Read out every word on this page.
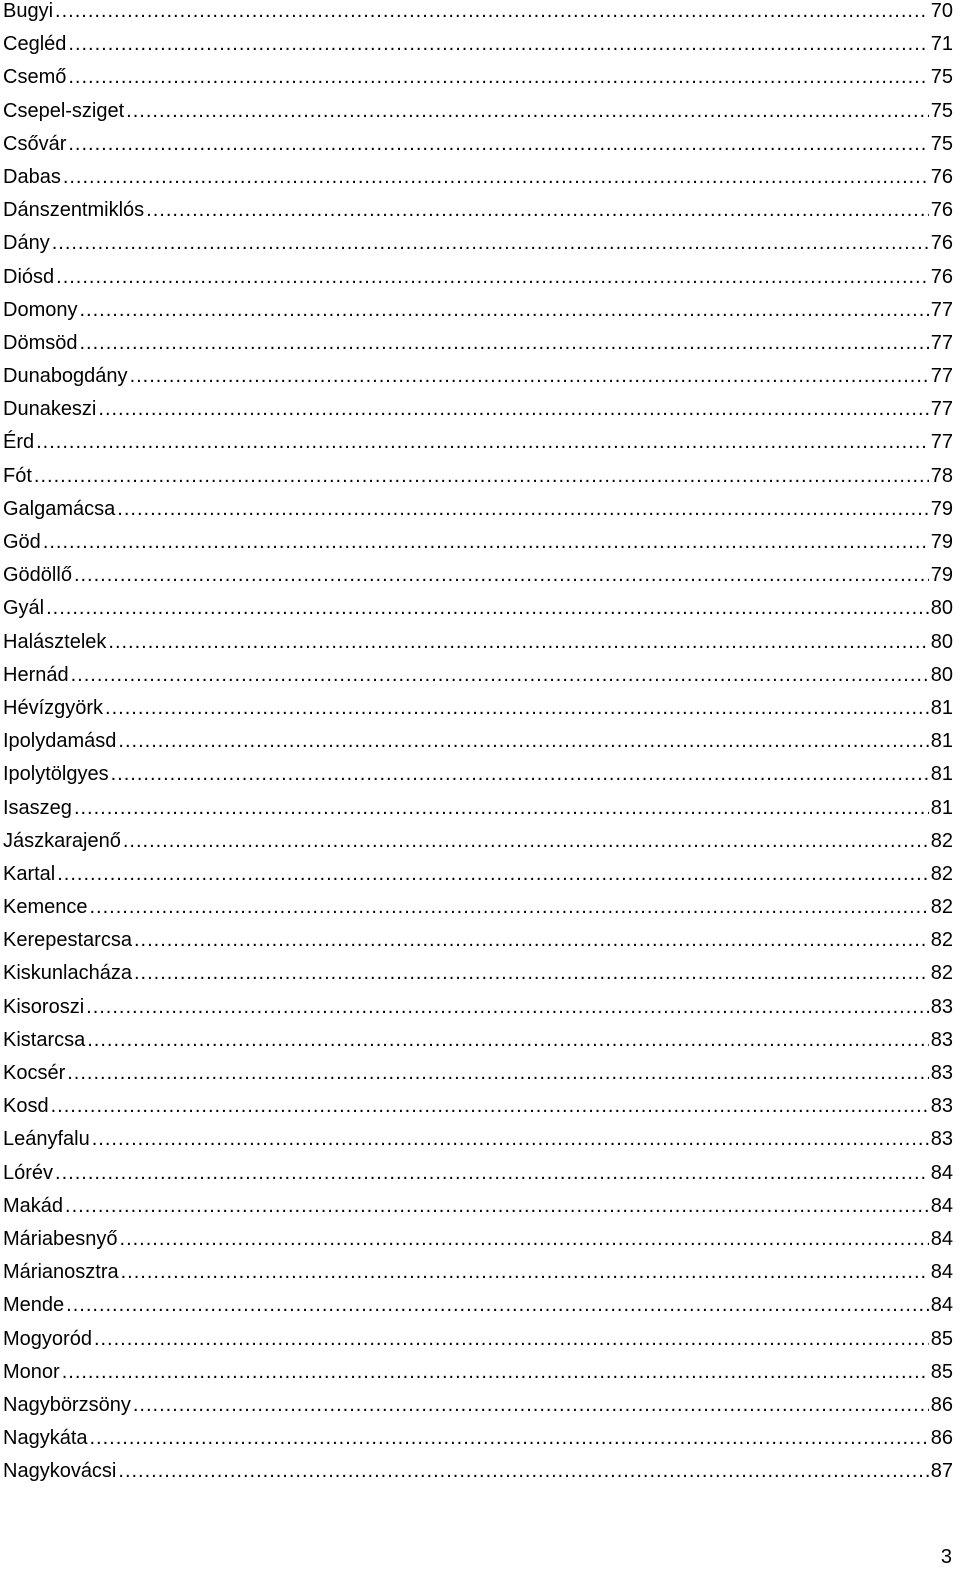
Bugyi .....	70
Cegléd .....	71
Csemő .....	75
Csepel-sziget .....	75
Csővár .....	75
Dabas .....	76
Dánszentmiklós .....	76
Dány .....	76
Diósd .....	76
Domony .....	77
Dömsöd .....	77
Dunabogdány .....	77
Dunakeszi .....	77
Érd .....	77
Fót .....	78
Galgamácsa .....	79
Göd .....	79
Gödöllő .....	79
Gyál .....	80
Halásztelek .....	80
Hernád .....	80
Hévízgyörk .....	81
Ipolydamásd .....	81
Ipolytölgyes .....	81
Isaszeg .....	81
Jászkarajenő .....	82
Kartal .....	82
Kemence .....	82
Kerepestarcsa .....	82
Kiskunlacháza .....	82
Kisoroszi .....	83
Kistarcsa .....	83
Kocsér .....	83
Kosd .....	83
Leányfalu .....	83
Lórév .....	84
Makád .....	84
Máriabesnyő .....	84
Márianosztra .....	84
Mende .....	84
Mogyoród .....	85
Monor .....	85
Nagybörzsöny .....	86
Nagykáta .....	86
Nagykovácsi .....	87
3
